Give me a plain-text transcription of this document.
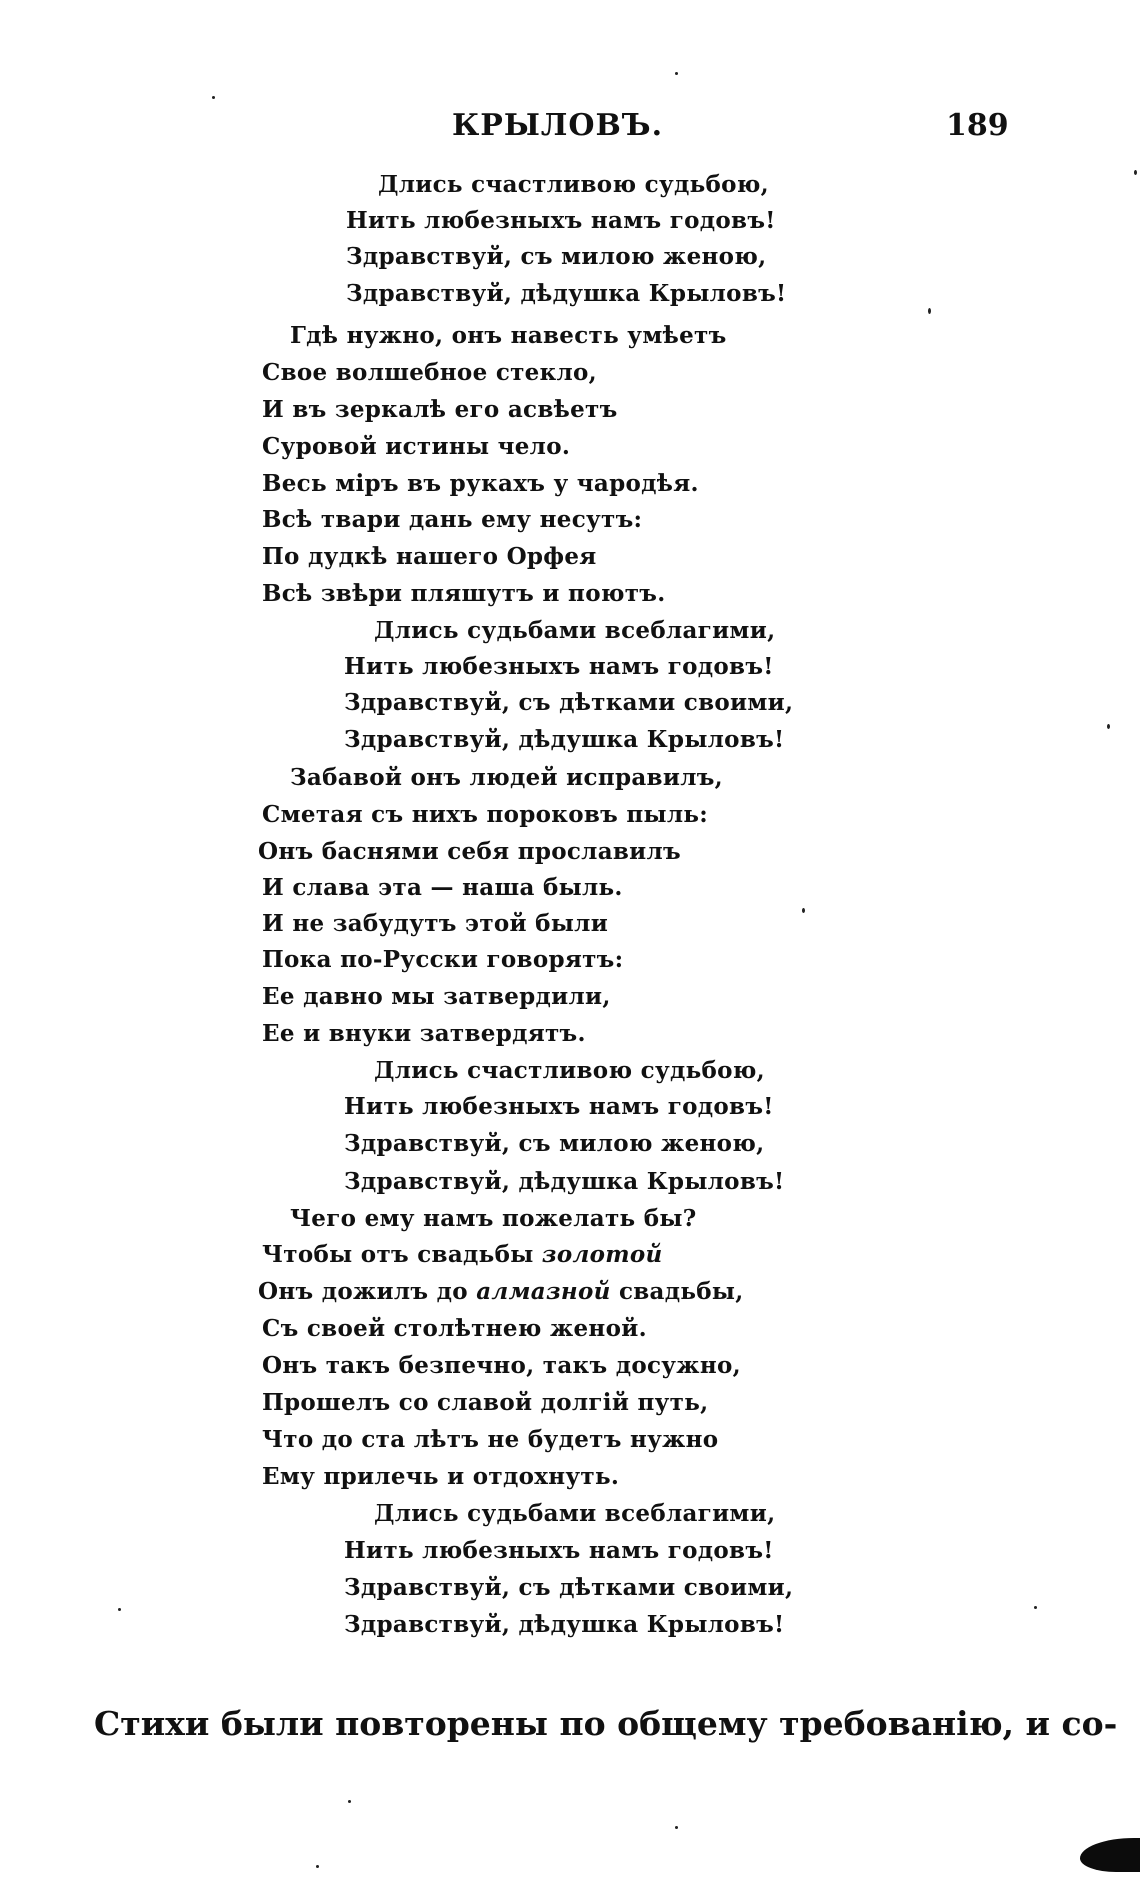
КРЫЛОВЪ.	189
Длись счастливою судьбою,
Нить любезныхъ намъ годовъ!
Здравствуй, съ милою женою,
Здравствуй, дѣдушка Крыловъ!
Гдѣ нужно, онъ навесть умѣетъ
Свое волшебное стекло,
И въ зеркалѣ его асвѣетъ
Суровой истины чело.
Весь міръ въ рукахъ у чародѣя.
Всѣ твари дань ему несутъ:
По дудкѣ нашего Орфея
Всѣ звѣри пляшутъ и поютъ.
Длись судьбами всеблагими,
Нить любезныхъ намъ годовъ!
Здравствуй, съ дѣтками своими,
Здравствуй, дѣдушка Крыловъ!
Забавой онъ людей исправилъ,
Сметая съ нихъ пороковъ пыль:
Онъ баснями себя прославилъ
И слава эта — наша быль.
И не забудутъ этой были
Пока по-Русски говорятъ:
Ее давно мы затвердили,
Ее и внуки затвердятъ.
Длись счастливою судьбою,
Нить любезныхъ намъ годовъ!
Здравствуй, съ милою женою,
Здравствуй, дѣдушка Крыловъ!
Чего ему намъ пожелать бы?
Чтобы отъ свадьбы золотой
Онъ дожилъ до алмазной свадьбы,
Съ своей столѣтнею женой.
Онъ такъ безпечно, такъ досужно,
Прошелъ со славой долгій путь,
Что до ста лѣтъ не будетъ нужно
Ему прилечь и отдохнуть.
Длись судьбами всеблагими,
Нить любезныхъ намъ годовъ!
Здравствуй, съ дѣтками своими,
Здравствуй, дѣдушка Крыловъ!
Стихи были повторены по общему требованію, и со-
